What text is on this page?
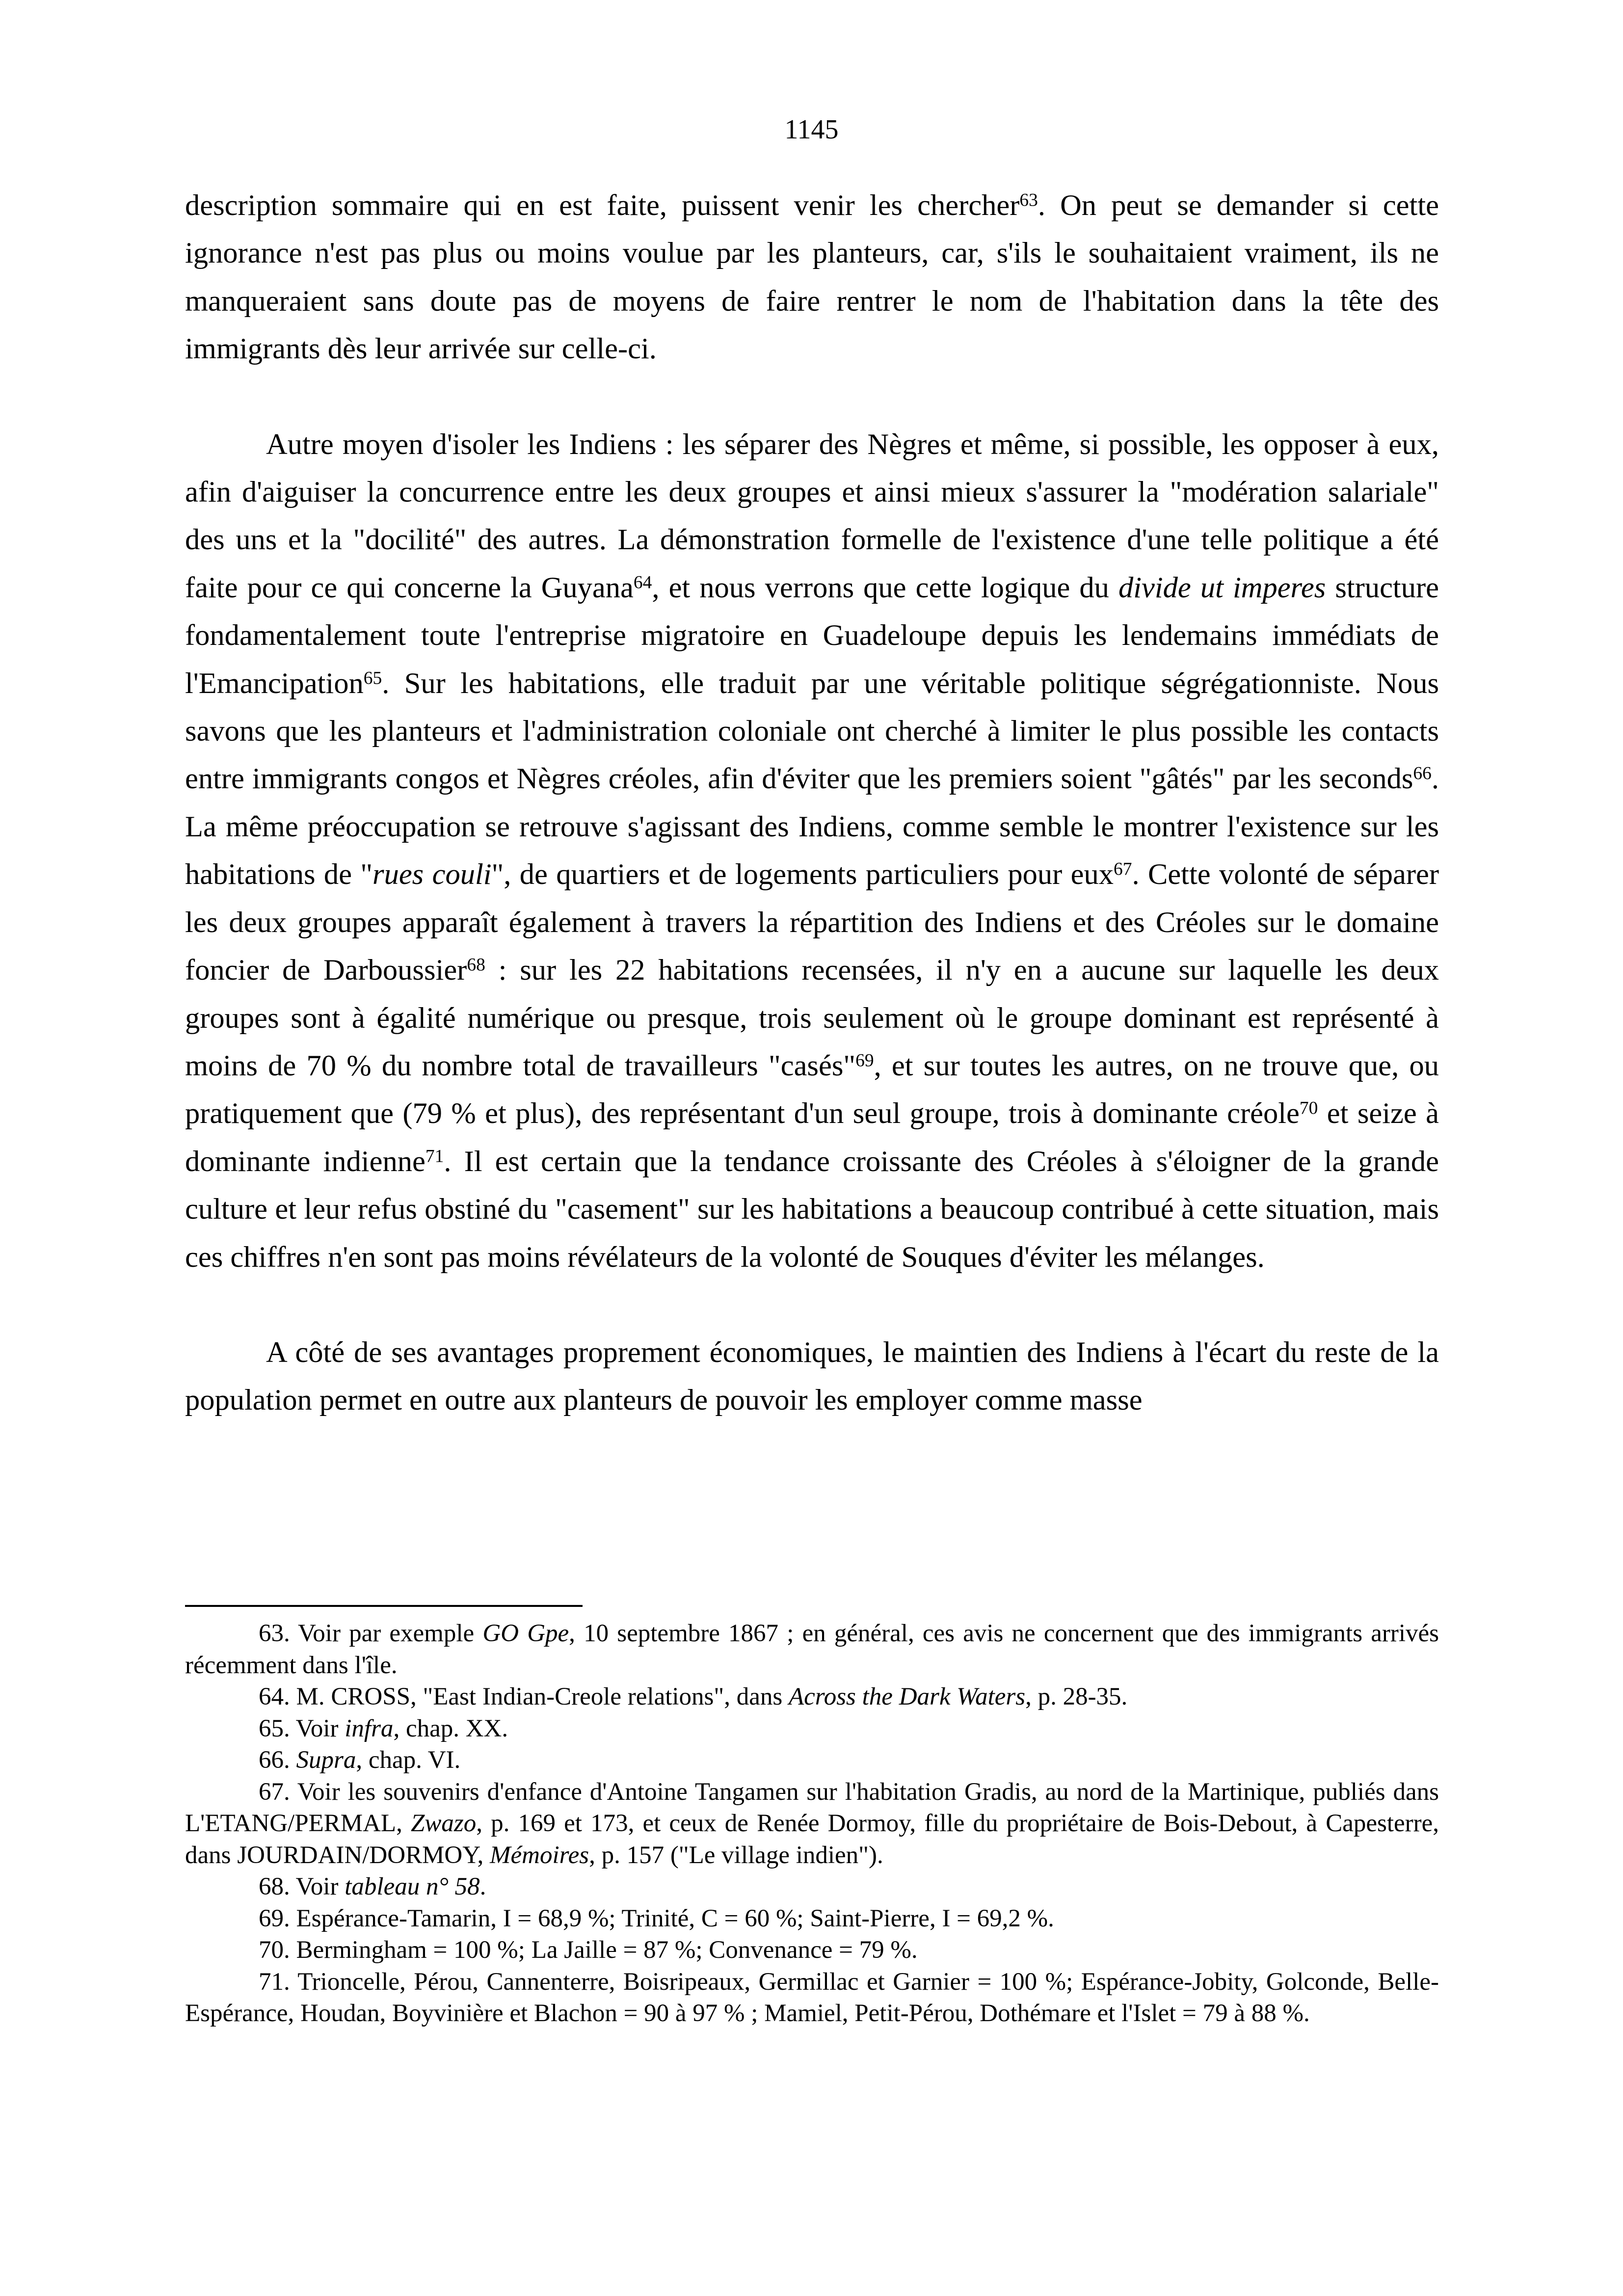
1145

description sommaire qui en est faite, puissent venir les chercher$^{63}$. On peut se demander si cette ignorance n'est pas plus ou moins voulue par les planteurs, car, s'ils le souhaitaient vraiment, ils ne manqueraient sans doute pas de moyens de faire rentrer le nom de l'habitation dans la tête des immigrants dès leur arrivée sur celle-ci.

Autre moyen d'isoler les Indiens : les séparer des Nègres et même, si possible, les opposer à eux, afin d'aiguiser la concurrence entre les deux groupes et ainsi mieux s'assurer la "modération salariale" des uns et la "docilité" des autres. La démonstration formelle de l'existence d'une telle politique a été faite pour ce qui concerne la Guyana$^{64}$, et nous verrons que cette logique du divide ut imperes structure fondamentalement toute l'entreprise migratoire en Guadeloupe depuis les lendemains immédiats de l'Emancipation$^{65}$. Sur les habitations, elle traduit par une véritable politique ségrégationniste. Nous savons que les planteurs et l'administration coloniale ont cherché à limiter le plus possible les contacts entre immigrants congos et Nègres créoles, afin d'éviter que les premiers soient "gâtés" par les seconds$^{66}$. La même préoccupation se retrouve s'agissant des Indiens, comme semble le montrer l'existence sur les habitations de "rues couli", de quartiers et de logements particuliers pour eux$^{67}$. Cette volonté de séparer les deux groupes apparaît également à travers la répartition des Indiens et des Créoles sur le domaine foncier de Darboussier$^{68}$ : sur les 22 habitations recensées, il n'y en a aucune sur laquelle les deux groupes sont à égalité numérique ou presque, trois seulement où le groupe dominant est représenté à moins de 70 % du nombre total de travailleurs "casés"$^{69}$, et sur toutes les autres, on ne trouve que, ou pratiquement que (79 % et plus), des représentant d'un seul groupe, trois à dominante créole$^{70}$ et seize à dominante indienne$^{71}$. Il est certain que la tendance croissante des Créoles à s'éloigner de la grande culture et leur refus obstiné du "casement" sur les habitations a beaucoup contribué à cette situation, mais ces chiffres n'en sont pas moins révélateurs de la volonté de Souques d'éviter les mélanges.

A côté de ses avantages proprement économiques, le maintien des Indiens à l'écart du reste de la population permet en outre aux planteurs de pouvoir les employer comme masse

63. Voir par exemple GO Gpe, 10 septembre 1867 ; en général, ces avis ne concernent que des immigrants arrivés récemment dans l'île.

64. M. CROSS, "East Indian-Creole relations", dans Across the Dark Waters, p. 28-35.

65. Voir infra, chap. XX.

66. Supra, chap. VI.

67. Voir les souvenirs d'enfance d'Antoine Tangamen sur l'habitation Gradis, au nord de la Martinique, publiés dans L'ETANG/PERMAL, Zwazo, p. 169 et 173, et ceux de Renée Dormoy, fille du propriétaire de Bois-Debout, à Capesterre, dans JOURDAIN/DORMOY, Mémoires, p. 157 ("Le village indien").

68. Voir tableau n° 58.

69. Espérance-Tamarin, I = 68,9 %; Trinité, C = 60 %; Saint-Pierre, I = 69,2 %.

70. Bermingham = 100 %; La Jaille = 87 %; Convenance = 79 %.

71. Trioncelle, Pérou, Cannenterre, Boisripeaux, Germillac et Garnier = 100 %; Espérance-Jobity, Golconde, Belle-Espérance, Houdan, Boyvinière et Blachon = 90 à 97 % ; Mamiel, Petit-Pérou, Dothémare et l'Islet = 79 à 88 %.
